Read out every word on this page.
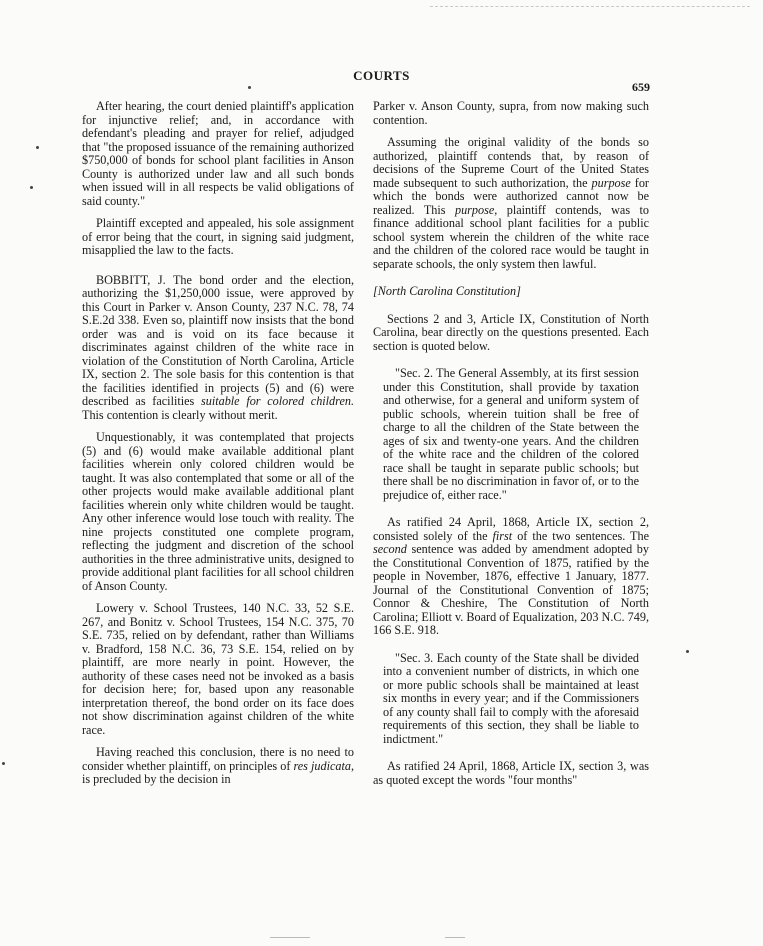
COURTS
659

After hearing, the court denied plaintiff's application for injunctive relief; and, in accordance with defendant's pleading and prayer for relief, adjudged that "the proposed issuance of the remaining authorized $750,000 of bonds for school plant facilities in Anson County is authorized under law and all such bonds when issued will in all respects be valid obligations of said county."

Plaintiff excepted and appealed, his sole assignment of error being that the court, in signing said judgment, misapplied the law to the facts.

BOBBITT, J. The bond order and the election, authorizing the $1,250,000 issue, were approved by this Court in Parker v. Anson County, 237 N.C. 78, 74 S.E.2d 338. Even so, plaintiff now insists that the bond order was and is void on its face because it discriminates against children of the white race in violation of the Constitution of North Carolina, Article IX, section 2. The sole basis for this contention is that the facilities identified in projects (5) and (6) were described as facilities suitable for colored children. This contention is clearly without merit.

Unquestionably, it was contemplated that projects (5) and (6) would make available additional plant facilities wherein only colored children would be taught. It was also contemplated that some or all of the other projects would make available additional plant facilities wherein only white children would be taught. Any other inference would lose touch with reality. The nine projects constituted one complete program, reflecting the judgment and discretion of the school authorities in the three administrative units, designed to provide additional plant facilities for all school children of Anson County.

Lowery v. School Trustees, 140 N.C. 33, 52 S.E. 267, and Bonitz v. School Trustees, 154 N.C. 375, 70 S.E. 735, relied on by defendant, rather than Williams v. Bradford, 158 N.C. 36, 73 S.E. 154, relied on by plaintiff, are more nearly in point. However, the authority of these cases need not be invoked as a basis for decision here; for, based upon any reasonable interpretation thereof, the bond order on its face does not show discrimination against children of the white race.

Having reached this conclusion, there is no need to consider whether plaintiff, on principles of res judicata, is precluded by the decision in

Parker v. Anson County, supra, from now making such contention.

Assuming the original validity of the bonds so authorized, plaintiff contends that, by reason of decisions of the Supreme Court of the United States made subsequent to such authorization, the purpose for which the bonds were authorized cannot now be realized. This purpose, plaintiff contends, was to finance additional school plant facilities for a public school system wherein the children of the white race and the children of the colored race would be taught in separate schools, the only system then lawful.

[North Carolina Constitution]

Sections 2 and 3, Article IX, Constitution of North Carolina, bear directly on the questions presented. Each section is quoted below.

"Sec. 2. The General Assembly, at its first session under this Constitution, shall provide by taxation and otherwise, for a general and uniform system of public schools, wherein tuition shall be free of charge to all the children of the State between the ages of six and twenty-one years. And the children of the white race and the children of the colored race shall be taught in separate public schools; but there shall be no discrimination in favor of, or to the prejudice of, either race."

As ratified 24 April, 1868, Article IX, section 2, consisted solely of the first of the two sentences. The second sentence was added by amendment adopted by the Constitutional Convention of 1875, ratified by the people in November, 1876, effective 1 January, 1877. Journal of the Constitutional Convention of 1875; Connor & Cheshire, The Constitution of North Carolina; Elliott v. Board of Equalization, 203 N.C. 749, 166 S.E. 918.

"Sec. 3. Each county of the State shall be divided into a convenient number of districts, in which one or more public schools shall be maintained at least six months in every year; and if the Commissioners of any county shall fail to comply with the aforesaid requirements of this section, they shall be liable to indictment."

As ratified 24 April, 1868, Article IX, section 3, was as quoted except the words "four months"
